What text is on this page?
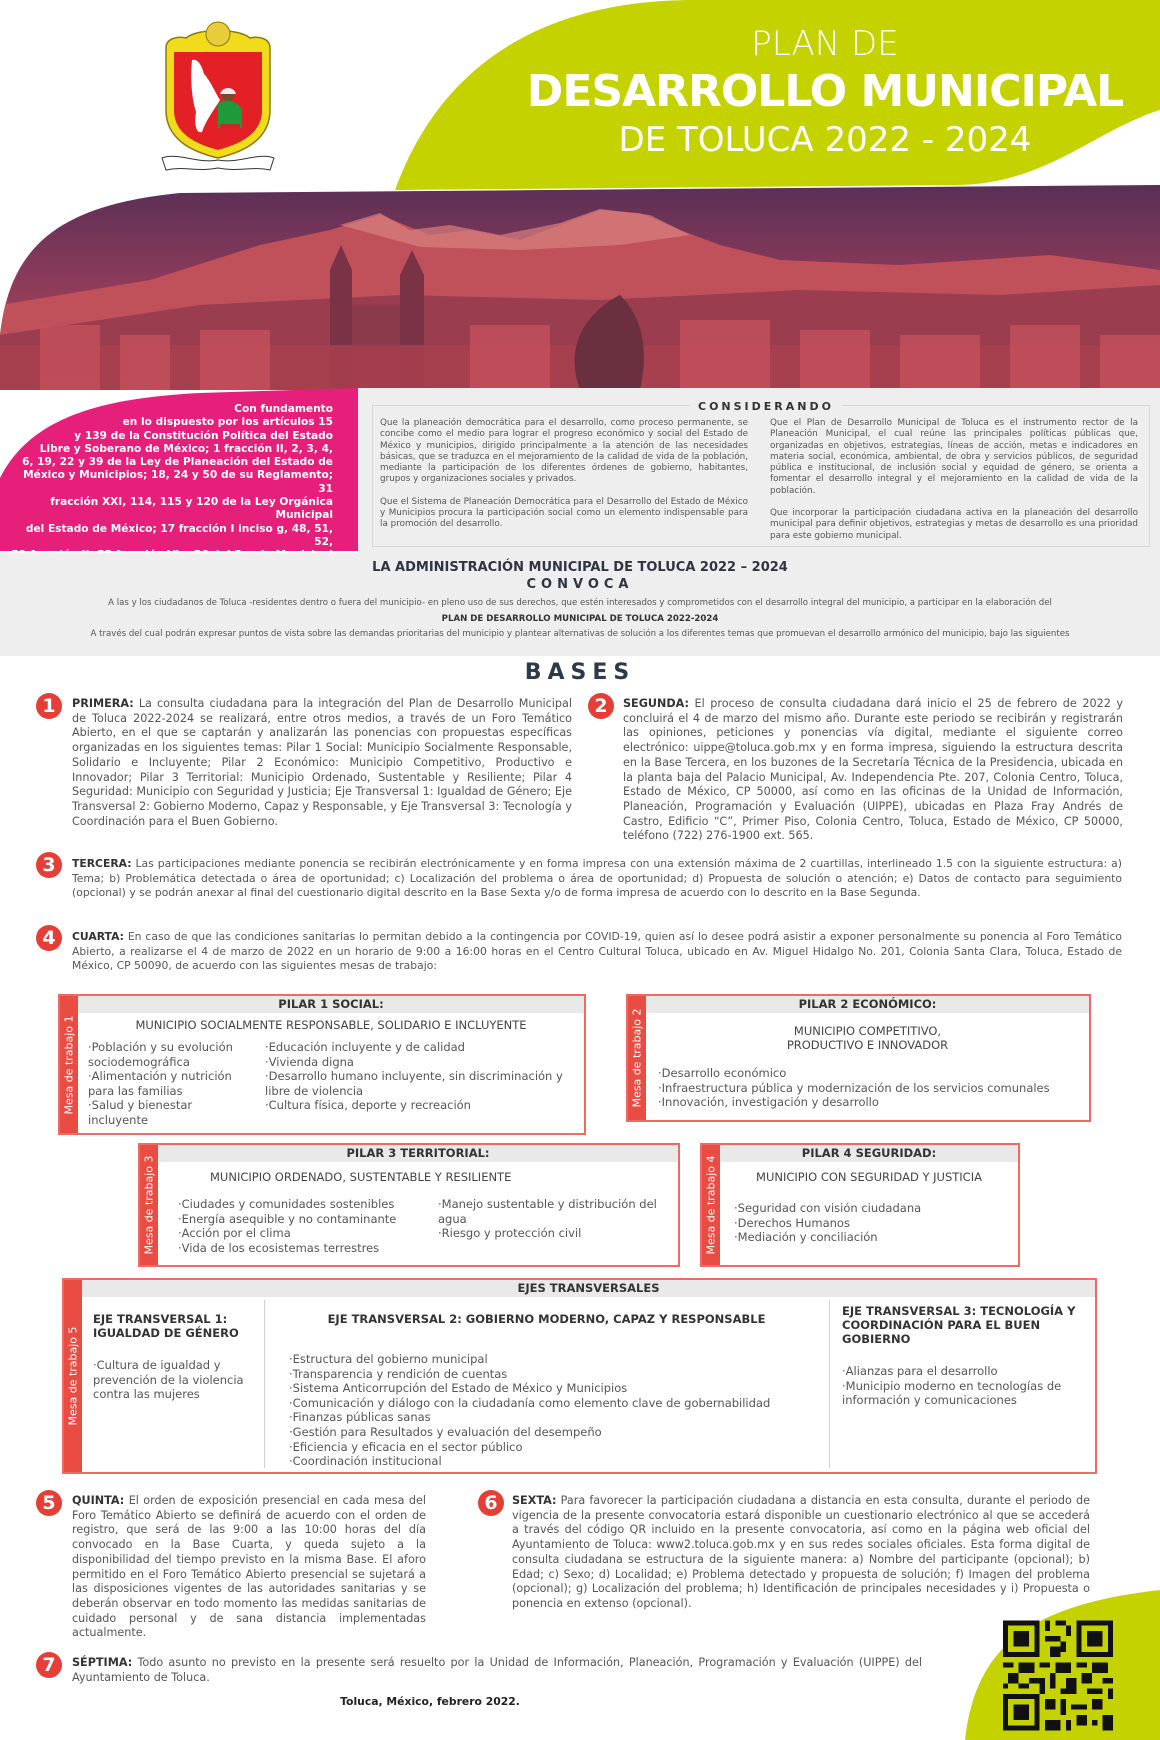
PLAN DE
DESARROLLO MUNICIPAL
DE TOLUCA 2022 - 2024
Con fundamento
en lo dispuesto por los artículos 15
y 139 de la Constitución Política del Estado
Libre y Soberano de México; 1 fracción II, 2, 3, 4,
6, 19, 22 y 39 de la Ley de Planeación del Estado de
México y Municipios; 18, 24 y 50 de su Reglamento; 31
fracción XXI, 114, 115 y 120 de la Ley Orgánica Municipal
del Estado de México; 17 fracción I inciso g, 48, 51, 52,
CONSIDERANDO

Que la planeación democrática para el desarrollo, como proceso permanente, se concibe como el medio para lograr el progreso económico y social del Estado de México y municipios, dirigido principalmente a la atención de las necesidades básicas, que se traduzca en el mejoramiento de la calidad de vida de la población, mediante la participación de los diferentes órdenes de gobierno, habitantes, grupos y organizaciones sociales y privados.

Que el Sistema de Planeación Democrática para el Desarrollo del Estado de México y Municipios procura la participación social como un elemento indispensable para la promoción del desarrollo.

Que el Plan de Desarrollo Municipal de Toluca es el instrumento rector de la Planeación Municipal, el cual reúne las principales políticas públicas que, organizadas en objetivos, estrategias, líneas de acción, metas e indicadores en materia social, económica, ambiental, de obra y servicios públicos, de seguridad pública e institucional, de inclusión social y equidad de género, se orienta a fomentar el desarrollo integral y el mejoramiento en la calidad de vida de la población.

Que incorporar la participación ciudadana activa en la planeación del desarrollo municipal para definir objetivos, estrategias y metas de desarrollo es una prioridad para este gobierno municipal.

LA ADMINISTRACIÓN MUNICIPAL DE TOLUCA 2022 – 2024
CONVOCA
A las y los ciudadanos de Toluca -residentes dentro o fuera del municipio- en pleno uso de sus derechos, que estén interesados y comprometidos con el desarrollo integral del municipio, a participar en la elaboración del
PLAN DE DESARROLLO MUNICIPAL DE TOLUCA 2022-2024
A través del cual podrán expresar puntos de vista sobre las demandas prioritarias del municipio y plantear alternativas de solución a los diferentes temas que promuevan el desarrollo armónico del municipio, bajo las siguientes
BASES
1	PRIMERA: La consulta ciudadana para la integración del Plan de Desarrollo Municipal de Toluca 2022-2024 se realizará, entre otros medios, a través de un Foro Temático Abierto, en el que se captarán y analizarán las ponencias con propuestas específicas organizadas en los siguientes temas: Pilar 1 Social: Municipio Socialmente Responsable, Solidario e Incluyente; Pilar 2 Económico: Municipio Competitivo, Productivo e Innovador; Pilar 3 Territorial: Municipio Ordenado, Sustentable y Resiliente; Pilar 4 Seguridad: Municipio con Seguridad y Justicia; Eje Transversal 1: Igualdad de Género; Eje Transversal 2: Gobierno Moderno, Capaz y Responsable, y Eje Transversal 3: Tecnología y Coordinación para el Buen Gobierno.
2	SEGUNDA: El proceso de consulta ciudadana dará inicio el 25 de febrero de 2022 y concluirá el 4 de marzo del mismo año. Durante este periodo se recibirán y registrarán las opiniones, peticiones y ponencias vía digital, mediante el siguiente correo electrónico: uippe@toluca.gob.mx y en forma impresa, siguiendo la estructura descrita en la Base Tercera, en los buzones de la Secretaría Técnica de la Presidencia, ubicada en la planta baja del Palacio Municipal, Av. Independencia Pte. 207, Colonia Centro, Toluca, Estado de México, CP 50000, así como en las oficinas de la Unidad de Información, Planeación, Programación y Evaluación (UIPPE), ubicadas en Plaza Fray Andrés de Castro, Edificio “C”, Primer Piso, Colonia Centro, Toluca, Estado de México, CP 50000, teléfono (722) 276-1900 ext. 565.
3	TERCERA: Las participaciones mediante ponencia se recibirán electrónicamente y en forma impresa con una extensión máxima de 2 cuartillas, interlineado 1.5 con la siguiente estructura: a) Tema; b) Problemática detectada o área de oportunidad; c) Localización del problema o área de oportunidad; d) Propuesta de solución o atención; e) Datos de contacto para seguimiento (opcional) y se podrán anexar al final del cuestionario digital descrito en la Base Sexta y/o de forma impresa de acuerdo con lo descrito en la Base Segunda.
4	CUARTA: En caso de que las condiciones sanitarias lo permitan debido a la contingencia por COVID-19, quien así lo desee podrá asistir a exponer personalmente su ponencia al Foro Temático Abierto, a realizarse el 4 de marzo de 2022 en un horario de 9:00 a 16:00 horas en el Centro Cultural Toluca, ubicado en Av. Miguel Hidalgo No. 201, Colonia Santa Clara, Toluca, Estado de México, CP 50090, de acuerdo con las siguientes mesas de trabajo:
Mesa de trabajo 1
PILAR 1 SOCIAL:
MUNICIPIO SOCIALMENTE RESPONSABLE, SOLIDARIO E INCLUYENTE
·Población y su evolución sociodemográfica
·Alimentación y nutrición para las familias
·Salud y bienestar incluyente
·Educación incluyente y de calidad
·Vivienda digna
·Desarrollo humano incluyente, sin discriminación y libre de violencia
·Cultura física, deporte y recreación	Mesa de trabajo 2
PILAR 2 ECONÓMICO:
MUNICIPIO COMPETITIVO,
PRODUCTIVO E INNOVADOR
·Desarrollo económico
·Infraestructura pública y modernización de los servicios comunales
·Innovación, investigación y desarrollo
Mesa de trabajo 3
PILAR 3 TERRITORIAL:
MUNICIPIO ORDENADO, SUSTENTABLE Y RESILIENTE
·Ciudades y comunidades sostenibles
·Energía asequible y no contaminante
·Acción por el clima
·Vida de los ecosistemas terrestres
·Manejo sustentable y distribución del agua
·Riesgo y protección civil	Mesa de trabajo 4
PILAR 4 SEGURIDAD:
MUNICIPIO CON SEGURIDAD Y JUSTICIA
·Seguridad con visión ciudadana
·Derechos Humanos
·Mediación y conciliación
Mesa de trabajo 5
EJES TRANSVERSALES
EJE TRANSVERSAL 1: IGUALDAD DE GÉNERO
·Cultura de igualdad y prevención de la violencia contra las mujeres
EJE TRANSVERSAL 2: GOBIERNO MODERNO, CAPAZ Y RESPONSABLE
·Estructura del gobierno municipal
·Transparencia y rendición de cuentas
·Sistema Anticorrupción del Estado de México y Municipios
·Comunicación y diálogo con la ciudadanía como elemento clave de gobernabilidad
·Finanzas públicas sanas
·Gestión para Resultados y evaluación del desempeño
·Eficiencia y eficacia en el sector público
·Coordinación institucional
EJE TRANSVERSAL 3: TECNOLOGÍA Y COORDINACIÓN PARA EL BUEN GOBIERNO
·Alianzas para el desarrollo
·Municipio moderno en tecnologías de información y comunicaciones
5	QUINTA: El orden de exposición presencial en cada mesa del Foro Temático Abierto se definirá de acuerdo con el orden de registro, que será de las 9:00 a las 10:00 horas del día convocado en la Base Cuarta, y queda sujeto a la disponibilidad del tiempo previsto en la misma Base. El aforo permitido en el Foro Temático Abierto presencial se sujetará a las disposiciones vigentes de las autoridades sanitarias y se deberán observar en todo momento las medidas sanitarias de cuidado personal y de sana distancia implementadas actualmente.
6	SEXTA: Para favorecer la participación ciudadana a distancia en esta consulta, durante el periodo de vigencia de la presente convocatoria estará disponible un cuestionario electrónico al que se accederá a través del código QR incluido en la presente convocatoria, así como en la página web oficial del Ayuntamiento de Toluca: www2.toluca.gob.mx y en sus redes sociales oficiales. Esta forma digital de consulta ciudadana se estructura de la siguiente manera: a) Nombre del participante (opcional); b) Edad; c) Sexo; d) Localidad; e) Problema detectado y propuesta de solución; f) Imagen del problema (opcional); g) Localización del problema; h) Identificación de principales necesidades y i) Propuesta o ponencia en extenso (opcional).
7	SÉPTIMA: Todo asunto no previsto en la presente será resuelto por la Unidad de Información, Planeación, Programación y Evaluación (UIPPE) del Ayuntamiento de Toluca.
Toluca, México, febrero 2022.
